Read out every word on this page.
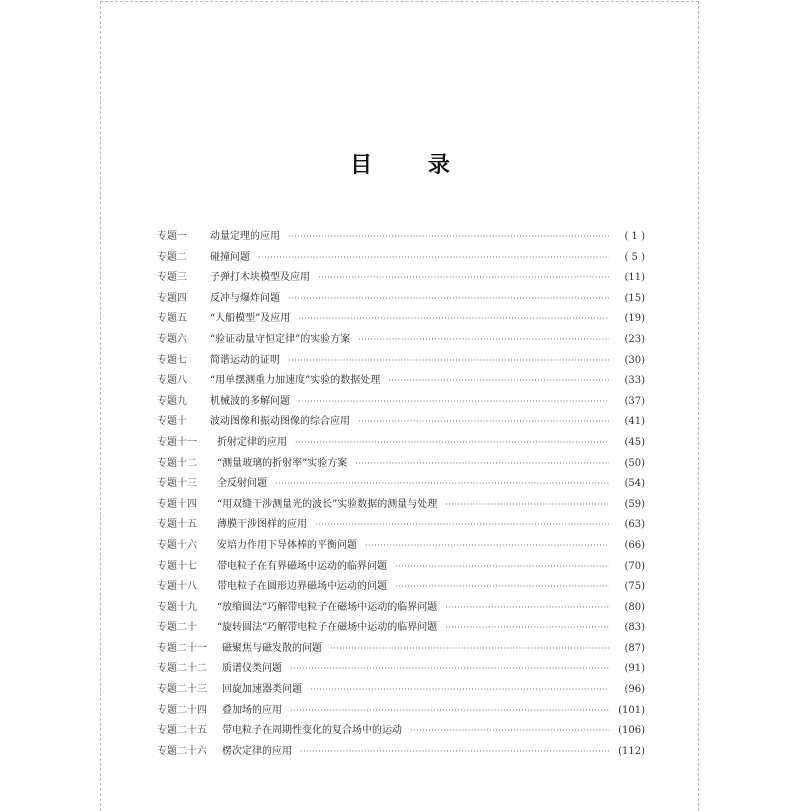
目 录
专题一	动量定理的应用 ·····	( 1 )
专题二	碰撞问题 ·····	( 5 )
专题三	子弹打木块模型及应用 ·····	(11)
专题四	反冲与爆炸问题 ·····	(15)
专题五	“人船模型”及应用 ·····	(19)
专题六	“验证动量守恒定律”的实验方案 ·····	(23)
专题七	简谐运动的证明 ·····	(30)
专题八	“用单摆测重力加速度”实验的数据处理 ·····	(33)
专题九	机械波的多解问题 ·····	(37)
专题十	波动图像和振动图像的综合应用 ·····	(41)
专题十一	折射定律的应用 ·····	(45)
专题十二	“测量玻璃的折射率”实验方案 ·····	(50)
专题十三	全反射问题 ·····	(54)
专题十四	“用双缝干涉测量光的波长”实验数据的测量与处理 ·····	(59)
专题十五	薄膜干涉图样的应用 ·····	(63)
专题十六	安培力作用下导体棒的平衡问题 ·····	(66)
专题十七	带电粒子在有界磁场中运动的临界问题 ·····	(70)
专题十八	带电粒子在圆形边界磁场中运动的问题 ·····	(75)
专题十九	“放缩圆法”巧解带电粒子在磁场中运动的临界问题 ·····	(80)
专题二十	“旋转圆法”巧解带电粒子在磁场中运动的临界问题 ·····	(83)
专题二十一	磁聚焦与磁发散的问题 ·····	(87)
专题二十二	质谱仪类问题 ·····	(91)
专题二十三	回旋加速器类问题 ·····	(96)
专题二十四	叠加场的应用 ·····	(101)
专题二十五	带电粒子在周期性变化的复合场中的运动 ·····	(106)
专题二十六	楞次定律的应用 ·····	(112)
